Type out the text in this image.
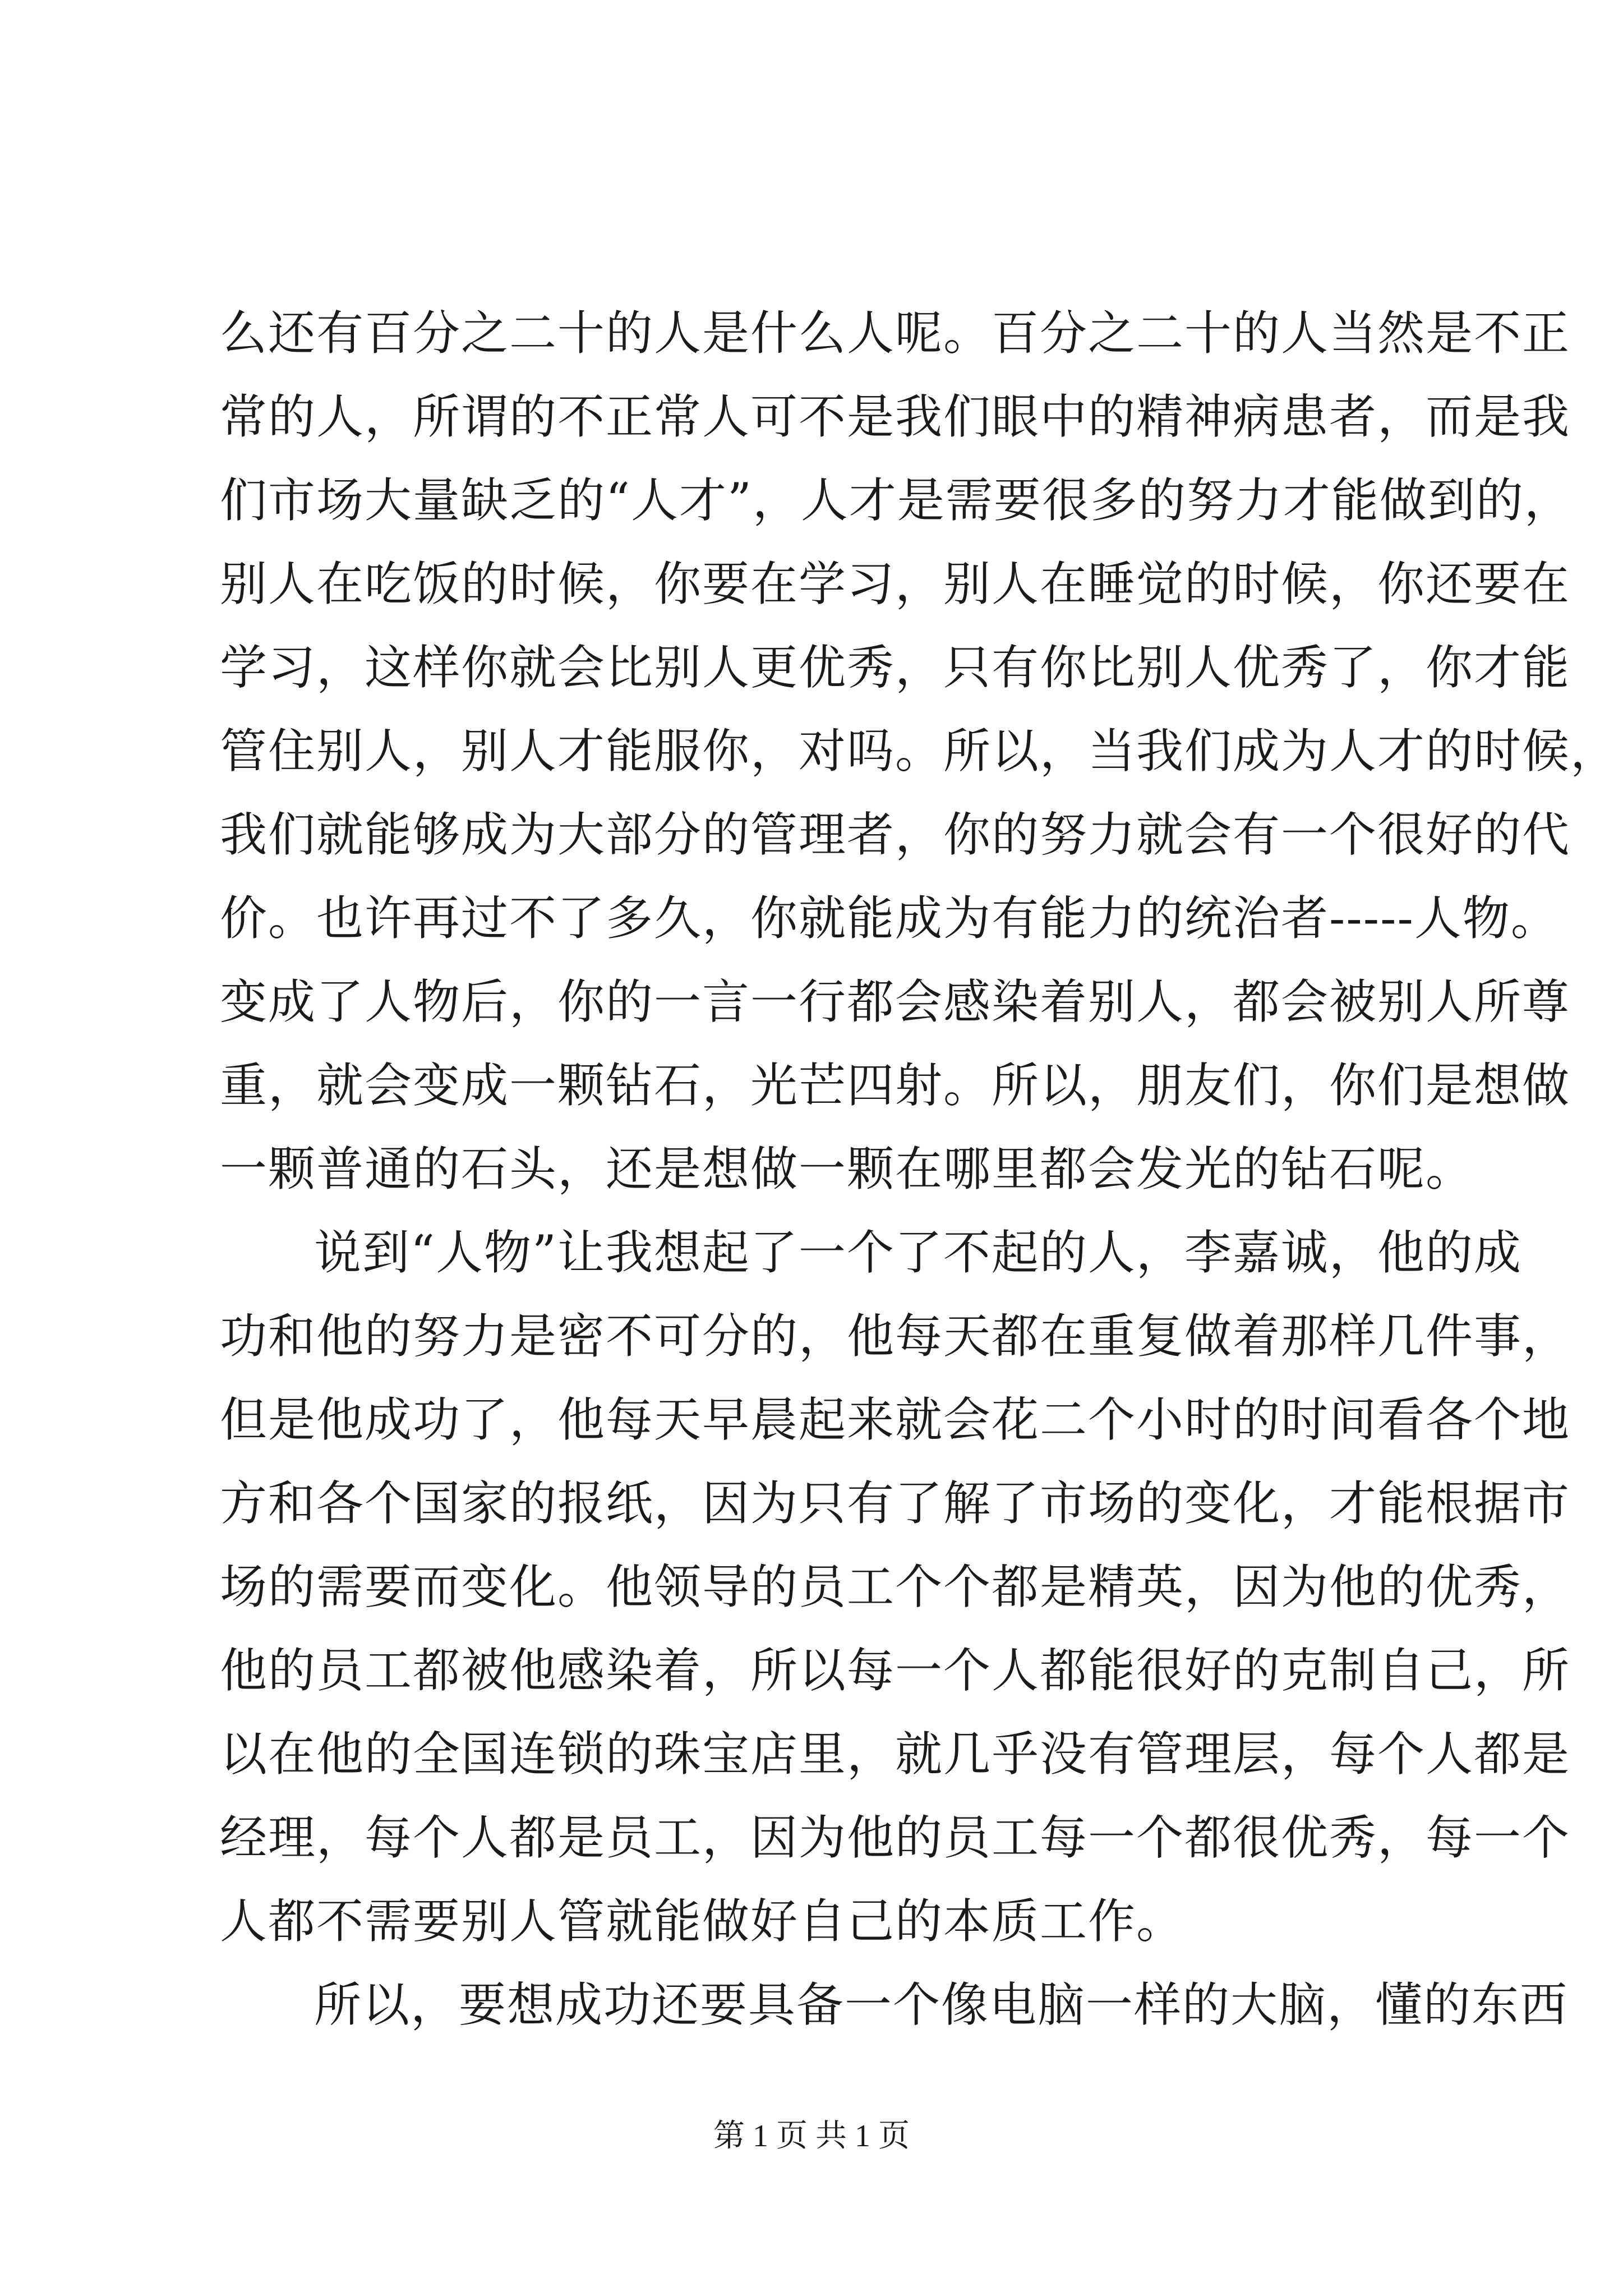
么还有百分之二十的人是什么人呢。百分之二十的人当然是不正
常的人，所谓的不正常人可不是我们眼中的精神病患者，而是我
们市场大量缺乏的“人才”，人才是需要很多的努力才能做到的，
别人在吃饭的时候，你要在学习，别人在睡觉的时候，你还要在
学习，这样你就会比别人更优秀，只有你比别人优秀了，你才能
管住别人，别人才能服你，对吗。所以，当我们成为人才的时候，
我们就能够成为大部分的管理者，你的努力就会有一个很好的代
价。也许再过不了多久，你就能成为有能力的统治者-----人物。
变成了人物后，你的一言一行都会感染着别人，都会被别人所尊
重，就会变成一颗钻石，光芒四射。所以，朋友们，你们是想做
一颗普通的石头，还是想做一颗在哪里都会发光的钻石呢。
说到“人物”让我想起了一个了不起的人，李嘉诚，他的成
功和他的努力是密不可分的，他每天都在重复做着那样几件事，
但是他成功了，他每天早晨起来就会花二个小时的时间看各个地
方和各个国家的报纸，因为只有了解了市场的变化，才能根据市
场的需要而变化。他领导的员工个个都是精英，因为他的优秀，
他的员工都被他感染着，所以每一个人都能很好的克制自己，所
以在他的全国连锁的珠宝店里，就几乎没有管理层，每个人都是
经理，每个人都是员工，因为他的员工每一个都很优秀，每一个
人都不需要别人管就能做好自己的本质工作。
所以，要想成功还要具备一个像电脑一样的大脑，懂的东西
第 1 页 共 1 页
